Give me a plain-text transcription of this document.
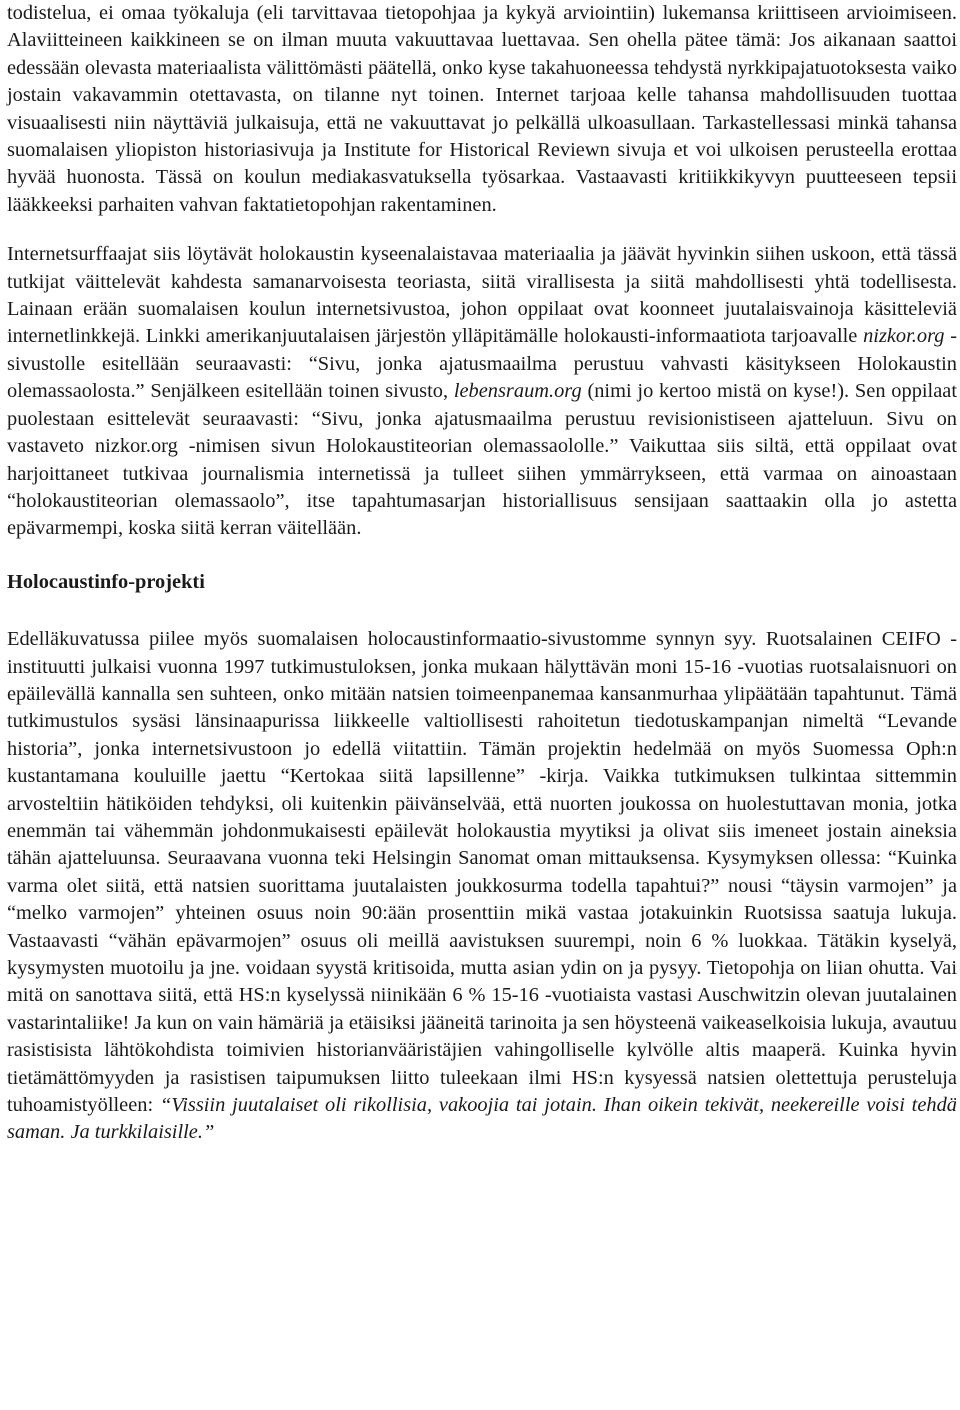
todistelua, ei omaa työkaluja (eli tarvittavaa tietopohjaa ja kykyä arviointiin) lukemansa kriittiseen arvioimiseen. Alaviitteineen kaikkineen se on ilman muuta vakuuttavaa luettavaa. Sen ohella pätee tämä: Jos aikanaan saattoi edessään olevasta materiaalista välittömästi päätellä, onko kyse takahuoneessa tehdystä nyrkkipajatuotoksesta vaiko jostain vakavammin otettavasta, on tilanne nyt toinen. Internet tarjoaa kelle tahansa mahdollisuuden tuottaa visuaalisesti niin näyttäviä julkaisuja, että ne vakuuttavat jo pelkällä ulkoasullaan. Tarkastellessasi minkä tahansa suomalaisen yliopiston historiasivuja ja Institute for Historical Reviewn sivuja et voi ulkoisen perusteella erottaa hyvää huonosta. Tässä on koulun mediakasvatuksella työsarkaa. Vastaavasti kritiikkikyvyn puutteeseen tepsii lääkkeeksi parhaiten vahvan faktatietopohjan rakentaminen.

Internetsurffaajat siis löytävät holokaustin kyseenalaistavaa materiaalia ja jäävät hyvinkin siihen uskoon, että tässä tutkijat väittelevät kahdesta samanarvoisesta teoriasta, siitä virallisesta ja siitä mahdollisesti yhtä todellisesta. Lainaan erään suomalaisen koulun internetsivustoa, johon oppilaat ovat koonneet juutalaisvainoja käsitteleviä internetlinkkejä. Linkki amerikanjuutalaisen järjestön ylläpitämälle holokausti-informaatiota tarjoavalle nizkor.org -sivustolle esitellään seuraavasti: “Sivu, jonka ajatusmaailma perustuu vahvasti käsitykseen Holokaustin olemassaolosta.” Senjälkeen esitellään toinen sivusto, lebensraum.org (nimi jo kertoo mistä on kyse!). Sen oppilaat puolestaan esittelevät seuraavasti: “Sivu, jonka ajatusmaailma perustuu revisionistiseen ajatteluun. Sivu on vastaveto nizkor.org -nimisen sivun Holokaustiteorian olemassaololle.” Vaikuttaa siis siltä, että oppilaat ovat harjoittaneet tutkivaa journalismia internetissä ja tulleet siihen ymmärrykseen, että varmaa on ainoastaan “holokaustiteorian olemassaolo”, itse tapahtumasarjan historiallisuus sensijaan saattaakin olla jo astetta epävarmempi, koska siitä kerran väitellään.

Holocaustinfo-projekti

Edelläkuvatussa piilee myös suomalaisen holocaustinformaatio-sivustomme synnyn syy. Ruotsalainen CEIFO -instituutti julkaisi vuonna 1997 tutkimustuloksen, jonka mukaan hälyttävän moni 15-16 -vuotias ruotsalaisnuori on epäilevällä kannalla sen suhteen, onko mitään natsien toimeenpanemaa kansanmurhaa ylipäätään tapahtunut. Tämä tutkimustulos sysäsi länsinaapurissa liikkeelle valtiollisesti rahoitetun tiedotuskampanjan nimeltä “Levande historia”, jonka internetsivustoon jo edellä viitattiin. Tämän projektin hedelmää on myös Suomessa Oph:n kustantamana kouluille jaettu “Kertokaa siitä lapsillenne” -kirja. Vaikka tutkimuksen tulkintaa sittemmin arvosteltiin hätiköiden tehdyksi, oli kuitenkin päivänselvää, että nuorten joukossa on huolestuttavan monia, jotka enemmän tai vähemmän johdonmukaisesti epäilevät holokaustia myytiksi ja olivat siis imeneet jostain aineksia tähän ajatteluunsa. Seuraavana vuonna teki Helsingin Sanomat oman mittauksensa. Kysymyksen ollessa: “Kuinka varma olet siitä, että natsien suorittama juutalaisten joukkosurma todella tapahtui?” nousi “täysin varmojen” ja “melko varmojen” yhteinen osuus noin 90:ään prosenttiin mikä vastaa jotakuinkin Ruotsissa saatuja lukuja. Vastaavasti “vähän epävarmojen” osuus oli meillä aavistuksen suurempi, noin 6 % luokkaa. Tätäkin kyselyä, kysymysten muotoilu ja jne. voidaan syystä kritisoida, mutta asian ydin on ja pysyy. Tietopohja on liian ohutta. Vai mitä on sanottava siitä, että HS:n kyselyssä niinikään 6 % 15-16 -vuotiaista vastasi Auschwitzin olevan juutalainen vastarintaliike! Ja kun on vain hämäriä ja etäisiksi jääneitä tarinoita ja sen höysteenä vaikeaselkoisia lukuja, avautuu rasistisista lähtökohdista toimivien historianvääristäjien vahingolliselle kylvölle altis maaperä. Kuinka hyvin tietämättömyyden ja rasistisen taipumuksen liitto tuleekaan ilmi HS:n kysyessä natsien olettettuja perusteluja tuhoamistyölleen: “Vissiin juutalaiset oli rikollisia, vakoojia tai jotain. Ihan oikein tekivät, neekereille voisi tehdä saman. Ja turkkilaisille.”
